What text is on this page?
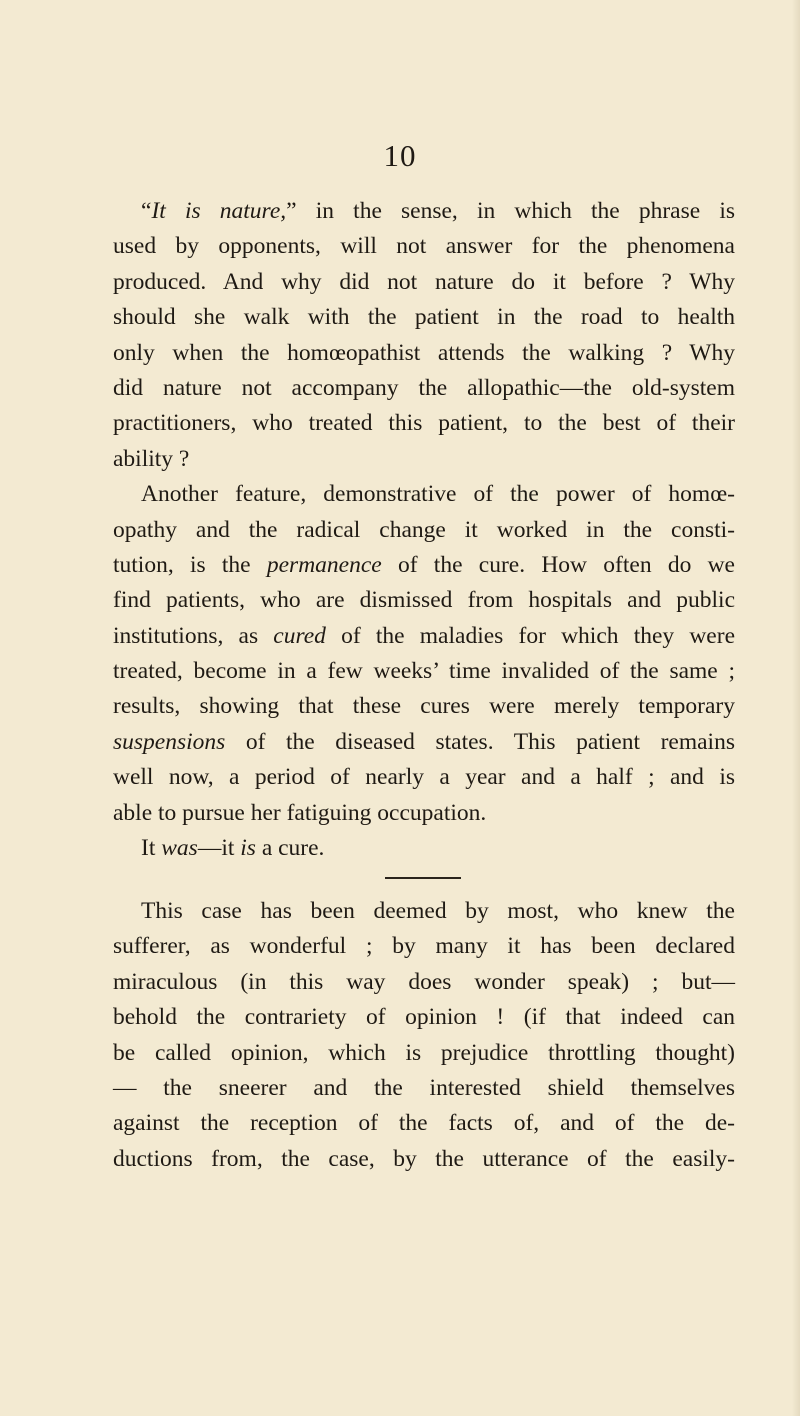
10
“It is nature,” in the sense, in which the phrase is
used by opponents, will not answer for the phenomena
produced. And why did not nature do it before ? Why
should she walk with the patient in the road to health
only when the homœopathist attends the walking ? Why
did nature not accompany the allopathic—the old-system
practitioners, who treated this patient, to the best of their
ability ?
Another feature, demonstrative of the power of homœ-
opathy and the radical change it worked in the consti-
tution, is the permanence of the cure. How often do we
find patients, who are dismissed from hospitals and public
institutions, as cured of the maladies for which they were
treated, become in a few weeks’ time invalided of the same ;
results, showing that these cures were merely temporary
suspensions of the diseased states. This patient remains
well now, a period of nearly a year and a half ; and is
able to pursue her fatiguing occupation.
It was—it is a cure.
This case has been deemed by most, who knew the
sufferer, as wonderful ; by many it has been declared
miraculous (in this way does wonder speak) ; but—
behold the contrariety of opinion ! (if that indeed can
be called opinion, which is prejudice throttling thought)
— the sneerer and the interested shield themselves
against the reception of the facts of, and of the de-
ductions from, the case, by the utterance of the easily-
